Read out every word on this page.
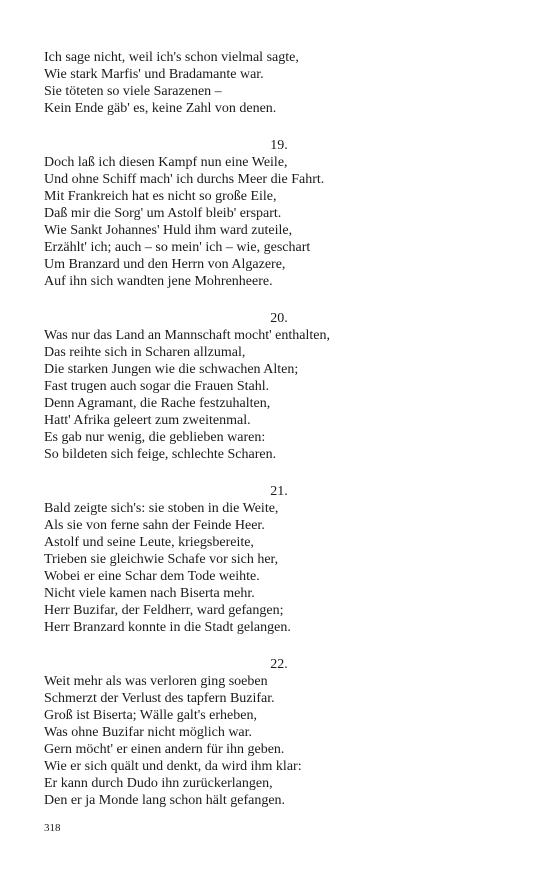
Ich sage nicht, weil ich's schon vielmal sagte,
Wie stark Marfis' und Bradamante war.
Sie töteten so viele Sarazenen –
Kein Ende gäb' es, keine Zahl von denen.
19.
Doch laß ich diesen Kampf nun eine Weile,
Und ohne Schiff mach' ich durchs Meer die Fahrt.
Mit Frankreich hat es nicht so große Eile,
Daß mir die Sorg' um Astolf bleib' erspart.
Wie Sankt Johannes' Huld ihm ward zuteile,
Erzählt' ich; auch – so mein' ich – wie, geschart
Um Branzard und den Herrn von Algazere,
Auf ihn sich wandten jene Mohrenheere.
20.
Was nur das Land an Mannschaft mocht' enthalten,
Das reihte sich in Scharen allzumal,
Die starken Jungen wie die schwachen Alten;
Fast trugen auch sogar die Frauen Stahl.
Denn Agramant, die Rache festzuhalten,
Hatt' Afrika geleert zum zweitenmal.
Es gab nur wenig, die geblieben waren:
So bildeten sich feige, schlechte Scharen.
21.
Bald zeigte sich's: sie stoben in die Weite,
Als sie von ferne sahn der Feinde Heer.
Astolf und seine Leute, kriegsbereite,
Trieben sie gleichwie Schafe vor sich her,
Wobei er eine Schar dem Tode weihte.
Nicht viele kamen nach Biserta mehr.
Herr Buzifar, der Feldherr, ward gefangen;
Herr Branzard konnte in die Stadt gelangen.
22.
Weit mehr als was verloren ging soeben
Schmerzt der Verlust des tapfern Buzifar.
Groß ist Biserta; Wälle galt's erheben,
Was ohne Buzifar nicht möglich war.
Gern möcht' er einen andern für ihn geben.
Wie er sich quält und denkt, da wird ihm klar:
Er kann durch Dudo ihn zurückerlangen,
Den er ja Monde lang schon hält gefangen.
318
